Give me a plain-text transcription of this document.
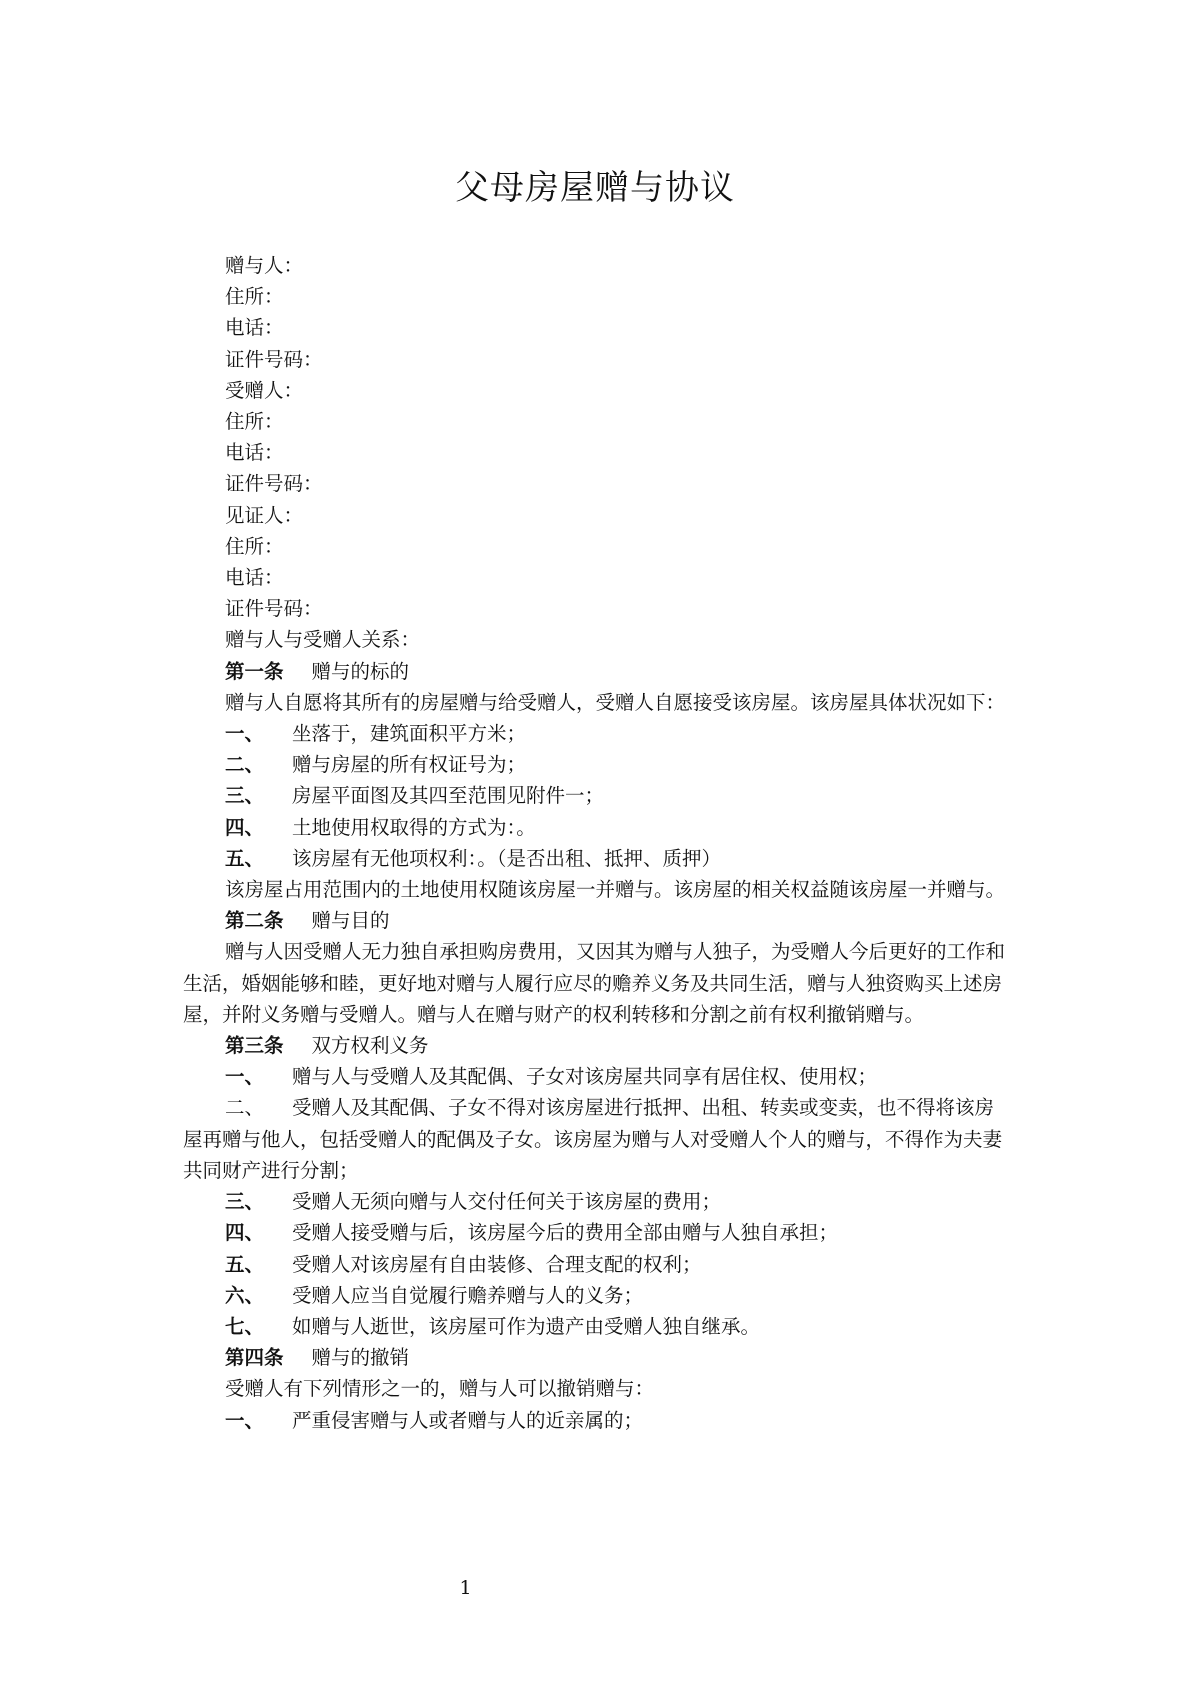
父母房屋赠与协议

赠与人：

住所：

电话：

证件号码：

受赠人：

住所：

电话：

证件号码：

见证人：

住所：

电话：

证件号码：

赠与人与受赠人关系：

第一条 赠与的标的

赠与人自愿将其所有的房屋赠与给受赠人，受赠人自愿接受该房屋。该房屋具体状况如下：

一、 坐落于，建筑面积平方米；

二、 赠与房屋的所有权证号为；

三、 房屋平面图及其四至范围见附件一；

四、 土地使用权取得的方式为：。

五、 该房屋有无他项权利：。（是否出租、抵押、质押）

该房屋占用范围内的土地使用权随该房屋一并赠与。该房屋的相关权益随该房屋一并赠与。

第二条 赠与目的

赠与人因受赠人无力独自承担购房费用，又因其为赠与人独子，为受赠人今后更好的工作和生活，婚姻能够和睦，更好地对赠与人履行应尽的赡养义务及共同生活，赠与人独资购买上述房屋，并附义务赠与受赠人。赠与人在赠与财产的权利转移和分割之前有权利撤销赠与。

第三条 双方权利义务

一、 赠与人与受赠人及其配偶、子女对该房屋共同享有居住权、使用权；

二、 受赠人及其配偶、子女不得对该房屋进行抵押、出租、转卖或变卖，也不得将该房屋再赠与他人，包括受赠人的配偶及子女。该房屋为赠与人对受赠人个人的赠与，不得作为夫妻共同财产进行分割；

三、 受赠人无须向赠与人交付任何关于该房屋的费用；

四、 受赠人接受赠与后，该房屋今后的费用全部由赠与人独自承担；

五、 受赠人对该房屋有自由装修、合理支配的权利；

六、 受赠人应当自觉履行赡养赠与人的义务；

七、 如赠与人逝世，该房屋可作为遗产由受赠人独自继承。

第四条 赠与的撤销

受赠人有下列情形之一的，赠与人可以撤销赠与：

一、 严重侵害赠与人或者赠与人的近亲属的；

1
